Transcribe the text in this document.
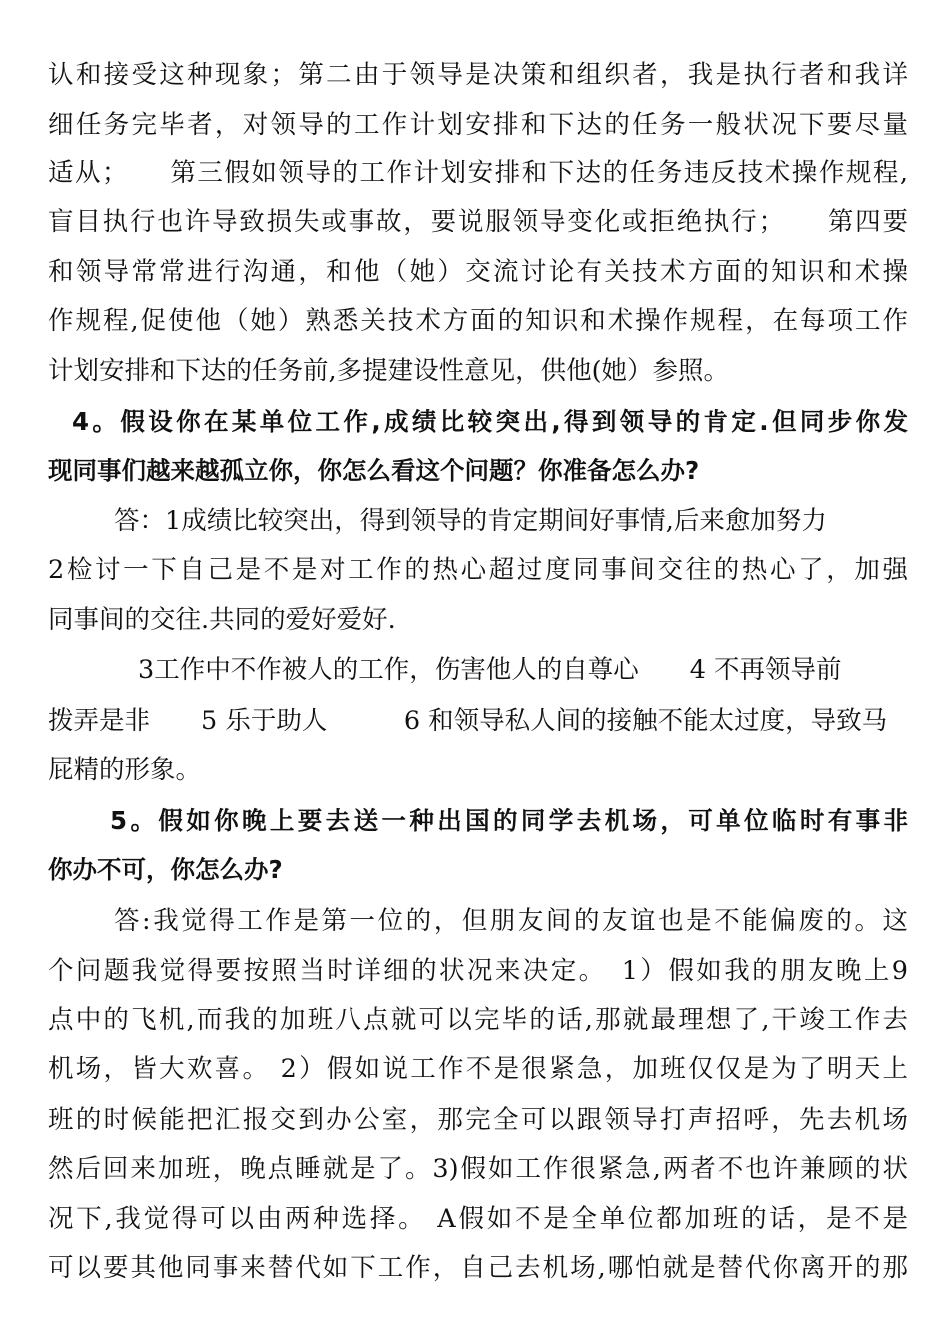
认和接受这种现象；第二由于领导是决策和组织者，我是执行者和我详
细任务完毕者，对领导的工作计划安排和下达的任务一般状况下要尽量
适从；　　第三假如领导的工作计划安排和下达的任务违反技术操作规程,
盲目执行也许导致损失或事故，要说服领导变化或拒绝执行；　　第四要
和领导常常进行沟通，和他（她）交流讨论有关技术方面的知识和术操
作规程,促使他（她）熟悉关技术方面的知识和术操作规程，在每项工作
计划安排和下达的任务前,多提建设性意见，供他(她）参照。
4。假设你在某单位工作,成绩比较突出,得到领导的肯定.但同步你发
现同事们越来越孤立你，你怎么看这个问题？你准备怎么办?
答：1成绩比较突出，得到领导的肯定期间好事情,后来愈加努力
2检讨一下自己是不是对工作的热心超过度同事间交往的热心了，加强
同事间的交往.共同的爱好爱好.
3工作中不作被人的工作，伤害他人的自尊心　　4 不再领导前
拨弄是非　　5 乐于助人　　　6 和领导私人间的接触不能太过度，导致马
屁精的形象。
5。假如你晚上要去送一种出国的同学去机场，可单位临时有事非
你办不可，你怎么办?
答:我觉得工作是第一位的，但朋友间的友谊也是不能偏废的。这
个问题我觉得要按照当时详细的状况来决定。　1）假如我的朋友晚上9
点中的飞机,而我的加班八点就可以完毕的话,那就最理想了,干竣工作去
机场，皆大欢喜。 2）假如说工作不是很紧急，加班仅仅是为了明天上
班的时候能把汇报交到办公室，那完全可以跟领导打声招呼，先去机场
然后回来加班，晚点睡就是了。3)假如工作很紧急,两者不也许兼顾的状
况下,我觉得可以由两种选择。 A假如不是全单位都加班的话，是不是
可以要其他同事来替代如下工作，自己去机场,哪怕就是替代你离开的那
